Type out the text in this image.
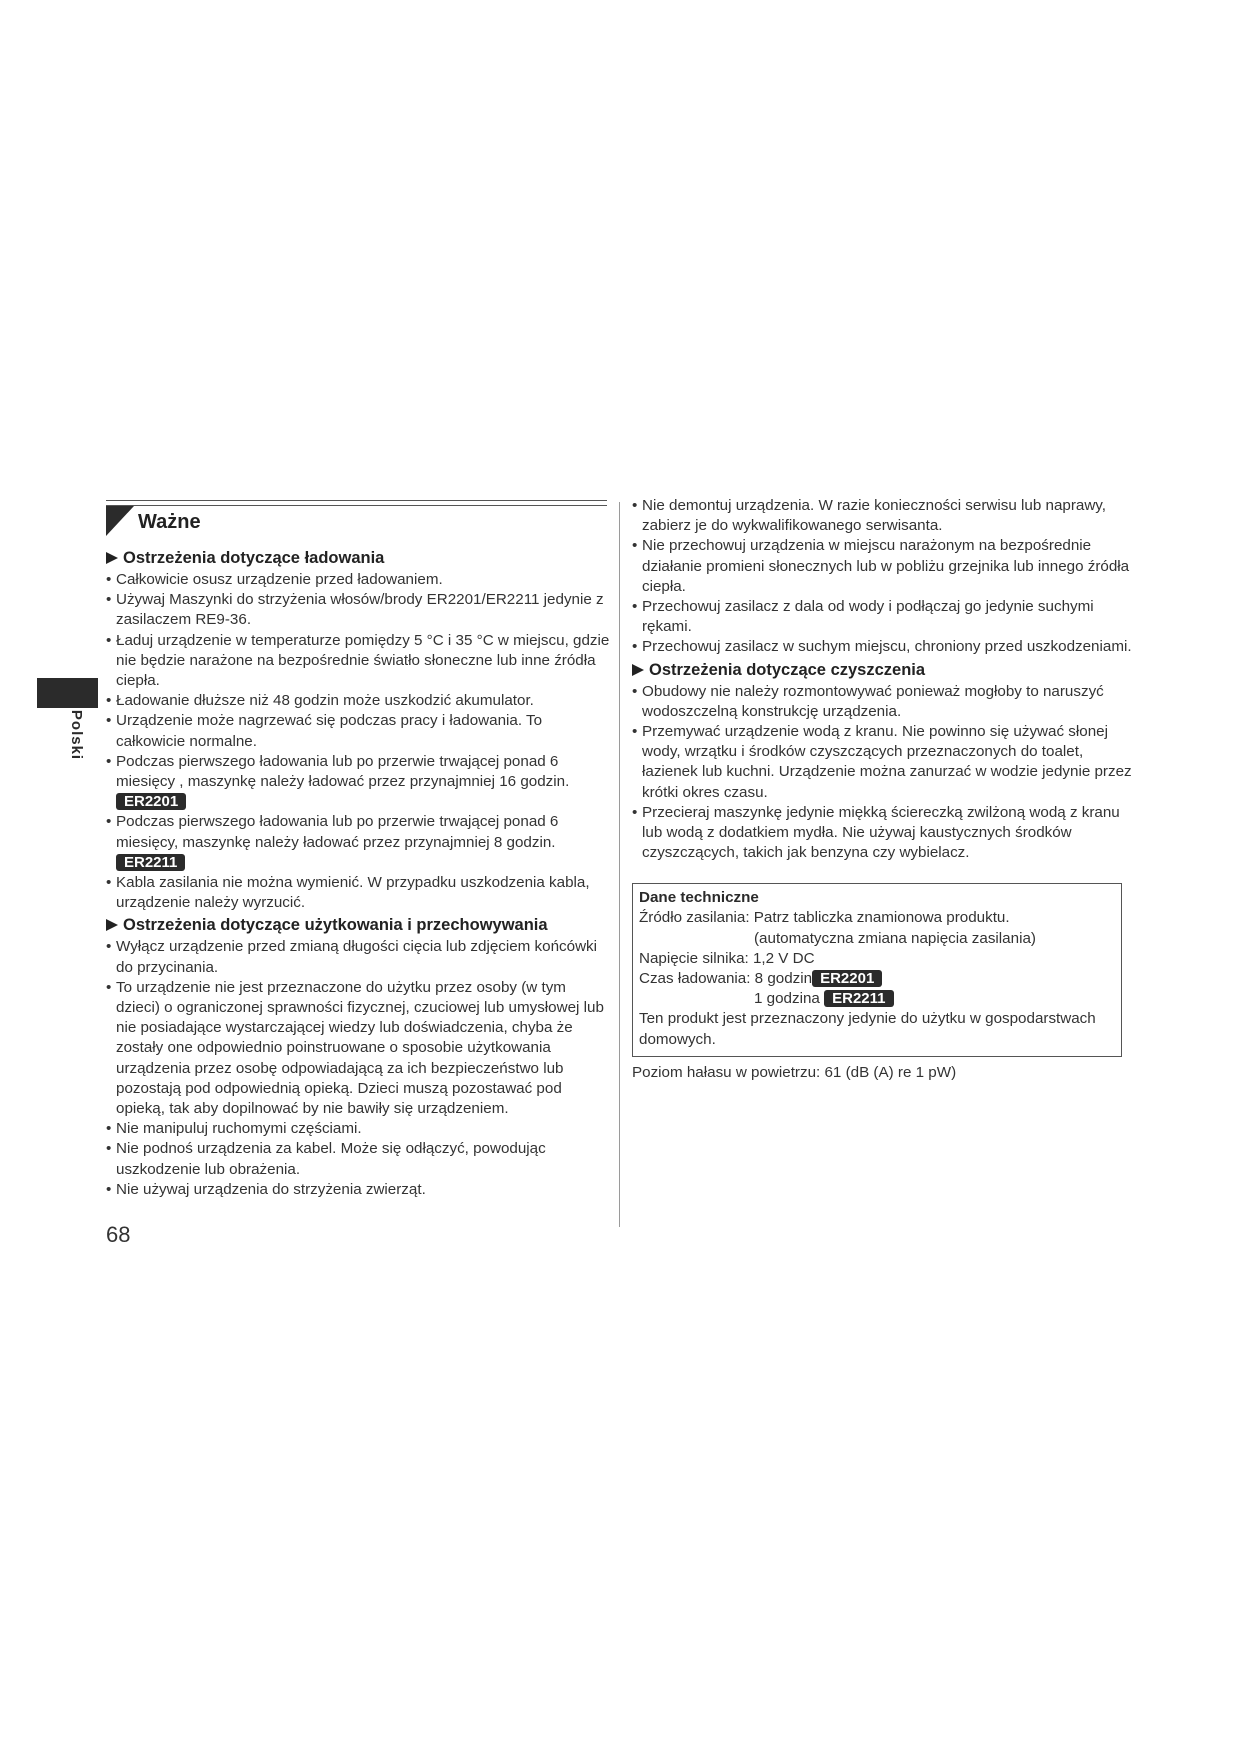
Polski
Ważne
Ostrzeżenia dotyczące ładowania
• Całkowicie osusz urządzenie przed ładowaniem.
• Używaj Maszynki do strzyżenia włosów/brody ER2201/ER2211 jedynie z zasilaczem RE9-36.
• Ładuj urządzenie w temperaturze pomiędzy 5 °C i 35 °C w miejscu, gdzie nie będzie narażone na bezpośrednie światło słoneczne lub inne źródła ciepła.
• Ładowanie dłuższe niż 48 godzin może uszkodzić akumulator.
• Urządzenie może nagrzewać się podczas pracy i ładowania. To całkowicie normalne.
• Podczas pierwszego ładowania lub po przerwie trwającej ponad 6 miesięcy , maszynkę należy ładować przez przynajmniej 16 godzin.
ER2201
• Podczas pierwszego ładowania lub po przerwie trwającej ponad 6 miesięcy, maszynkę należy ładować przez przynajmniej 8 godzin.
ER2211
• Kabla zasilania nie można wymienić. W przypadku uszkodzenia kabla, urządzenie należy wyrzucić.
Ostrzeżenia dotyczące użytkowania i przechowywania
• Wyłącz urządzenie przed zmianą długości cięcia lub zdjęciem końcówki do przycinania.
• To urządzenie nie jest przeznaczone do użytku przez osoby (w tym dzieci) o ograniczonej sprawności fizycznej, czuciowej lub umysłowej lub nie posiadające wystarczającej wiedzy lub doświadczenia, chyba że zostały one odpowiednio poinstruowane o sposobie użytkowania urządzenia przez osobę odpowiadającą za ich bezpieczeństwo lub pozostają pod odpowiednią opieką. Dzieci muszą pozostawać pod opieką, tak aby dopilnować by nie bawiły się urządzeniem.
• Nie manipuluj ruchomymi częściami.
• Nie podnoś urządzenia za kabel. Może się odłączyć, powodując uszkodzenie lub obrażenia.
• Nie używaj urządzenia do strzyżenia zwierząt.
• Nie demontuj urządzenia. W razie konieczności serwisu lub naprawy, zabierz je do wykwalifikowanego serwisanta.
• Nie przechowuj urządzenia w miejscu narażonym na bezpośrednie działanie promieni słonecznych lub w pobliżu grzejnika lub innego źródła ciepła.
• Przechowuj zasilacz z dala od wody i podłączaj go jedynie suchymi rękami.
• Przechowuj zasilacz w suchym miejscu, chroniony przed uszkodzeniami.
Ostrzeżenia dotyczące czyszczenia
• Obudowy nie należy rozmontowywać ponieważ mogłoby to naruszyć wodoszczelną konstrukcję urządzenia.
• Przemywać urządzenie wodą z kranu. Nie powinno się używać słonej wody, wrzątku i środków czyszczących przeznaczonych do toalet, łazienek lub kuchni. Urządzenie można zanurzać w wodzie jedynie przez krótki okres czasu.
• Przecieraj maszynkę jedynie miękką ściereczką zwilżoną wodą z kranu lub wodą z dodatkiem mydła. Nie używaj kaustycznych środków czyszczących, takich jak benzyna czy wybielacz.
Dane techniczne
Źródło zasilania: Patrz tabliczka znamionowa produktu.
(automatyczna zmiana napięcia zasilania)
Napięcie silnika: 1,2 V DC
Czas ładowania: 8 godzin ER2201
1 godzina ER2211
Ten produkt jest przeznaczony jedynie do użytku w gospodarstwach domowych.
Poziom hałasu w powietrzu: 61 (dB (A) re 1 pW)
68
